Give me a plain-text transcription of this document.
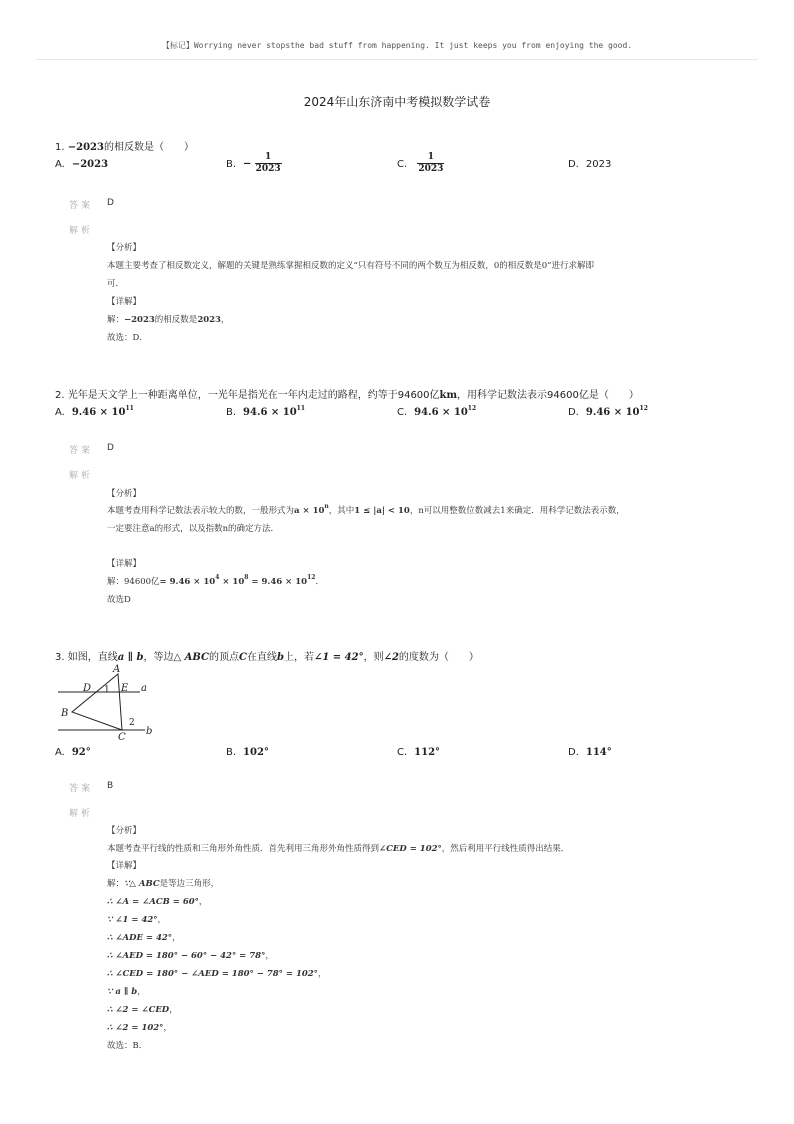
【标记】Worrying never stopsthe bad stuff from happening. It just keeps you from enjoying the good.
2024年山东济南中考模拟数学试卷
1. −2023的相反数是（　　）
A. −2023	B. − $\frac{1}{2023}$	C. $\frac{1}{2023}$	D. 2023
答案 D
解析
【分析】
本题主要考查了相反数定义，解题的关键是熟练掌握相反数的定义“只有符号不同的两个数互为相反数，0的相反数是0”进行求解即
可．
【详解】
解：−2023的相反数是2023，
故选：D．
2. 光年是天文学上一种距离单位，一光年是指光在一年内走过的路程，约等于94600亿km，用科学记数法表示94600亿是（　　）
A. $9.46 \times 10^{11}$	B. $94.6 \times 10^{11}$	C. $94.6 \times 10^{12}$	D. $9.46 \times 10^{12}$
答案 D
解析
【分析】
本题考查用科学记数法表示较大的数，一般形式为$a \times 10^n$，其中1 ≤ |a| < 10，n可以用整数位数减去1来确定．用科学记数法表示数，
一定要注意a的形式，以及指数n的确定方法．
【详解】
解：94600亿= $9.46 \times 10^4 \times 10^8 = 9.46 \times 10^{12}$．
故选D
3. 如图，直线a ∥ b，等边△ ABC的顶点C在直线b上，若∠1 = 42°，则∠2的度数为（　　）
A
D 1 E a
B
2
C
b
A. 92°	B. 102°	C. 112°	D. 114°
答案 B
解析
【分析】
本题考查平行线的性质和三角形外角性质．首先利用三角形外角性质得到∠CED = 102°，然后利用平行线性质得出结果．
【详解】
解：∵△ ABC是等边三角形，
∴ ∠A = ∠ACB = 60°，
∵ ∠1 = 42°，
∴ ∠ADE = 42°，
∴ ∠AED = 180° − 60° − 42° = 78°，
∴ ∠CED = 180° − ∠AED = 180° − 78° = 102°，
∵ a ∥ b，
∴ ∠2 = ∠CED，
∴ ∠2 = 102°，
故选：B．
